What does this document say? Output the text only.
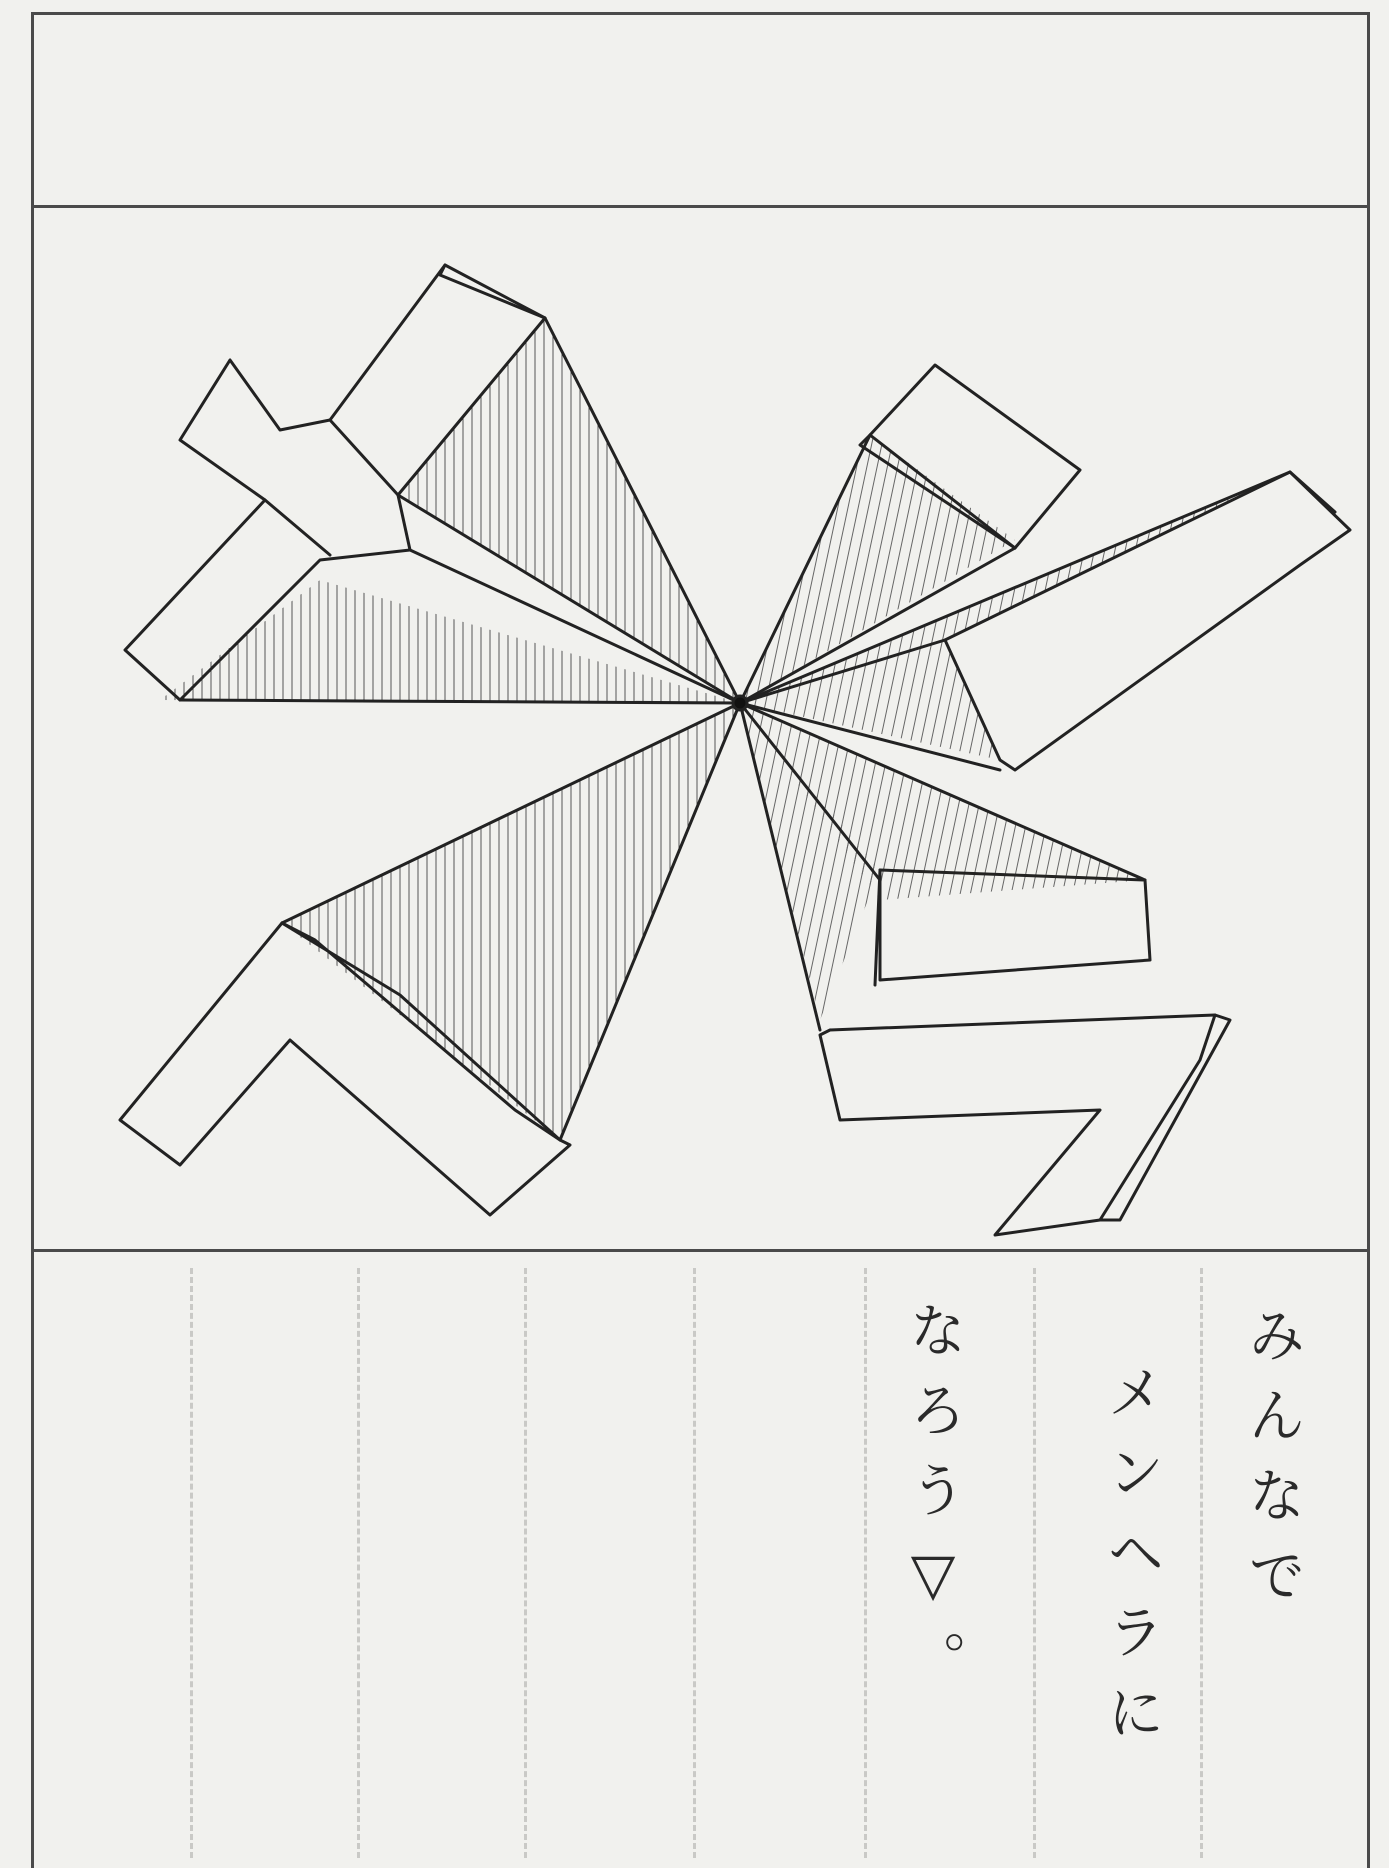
みんなで
メンヘラに
なろう▽。
